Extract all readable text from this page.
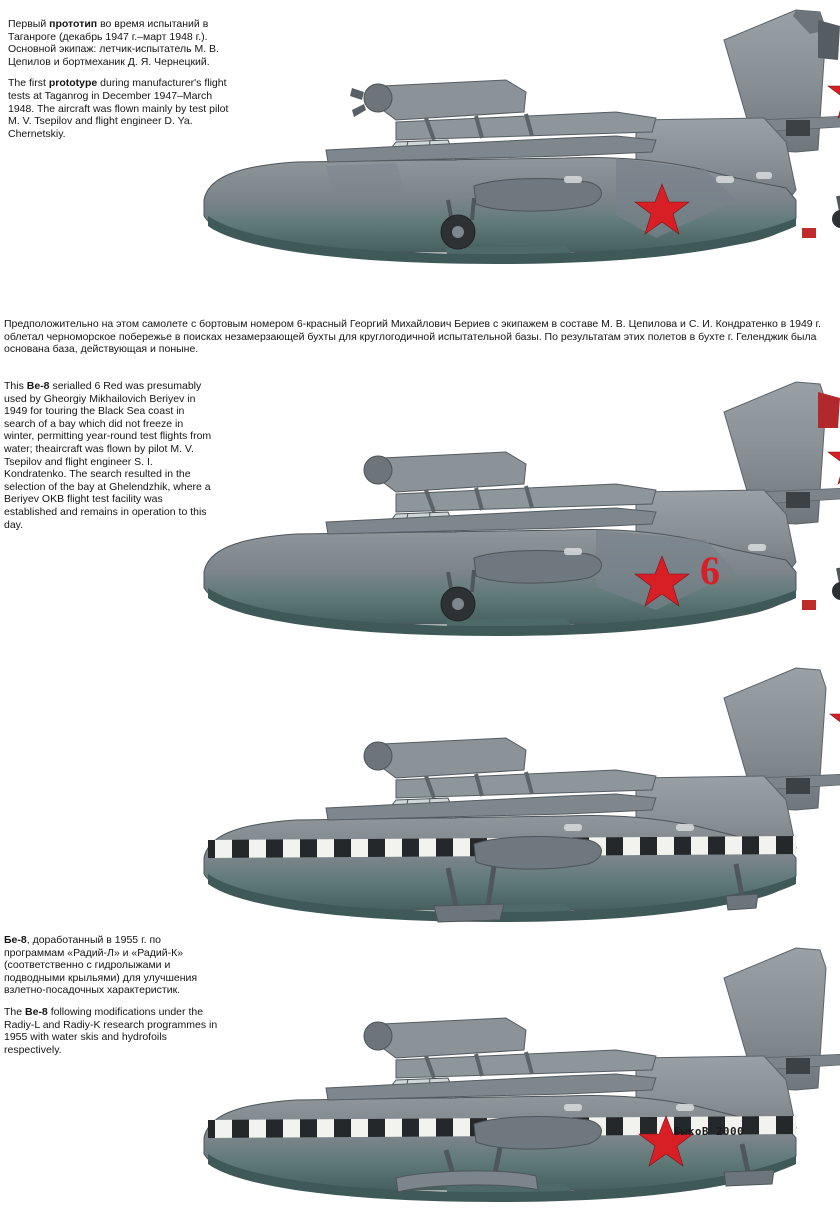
Первый прототип во время испытаний в Таганроге (декабрь 1947 г.–март 1948 г.). Основной экипаж: летчик-испытатель М. В. Цепилов и бортмеханик Д. Я. Чернецкий.

The first prototype during manufacturer's flight tests at Taganrog in December 1947–March 1948. The aircraft was flown mainly by test pilot M. V. Tsepilov and flight engineer D. Ya. Chernetskiy.

Предположительно на этом самолете с бортовым номером 6-красный Георгий Михайлович Бериев с экипажем в составе М. В. Цепилова и С. И. Кондратенко в 1949 г. облетал черноморское побережье в поисках незамерзающей бухты для круглогодичной испытательной базы. По результатам этих полетов в бухте г. Геленджик была основана база, действующая и поныне.

This Be-8 serialled 6 Red was presumably used by Gheorgiy Mikhailovich Beriyev in 1949 for touring the Black Sea coast in search of a bay which did not freeze in winter, permitting year-round test flights from water; theaircraft was flown by pilot M. V. Tsepilov and flight engineer S. I. Kondratenko. The search resulted in the selection of the bay at Ghelendzhik, where a Beriyev OKB flight test facility was established and remains in operation to this day.

6

Бе-8, доработанный в 1955 г. по программам «Радий-Л» и «Радий-К» (соответственно с гидролыжами и подводными крыльями) для улучшения взлетно-посадочных характеристик.

The Be-8 following modifications under the Radiy-L and Radiy-K research programmes in 1955 with water skis and hydrofoils respectively.

БыкоВ 2000
